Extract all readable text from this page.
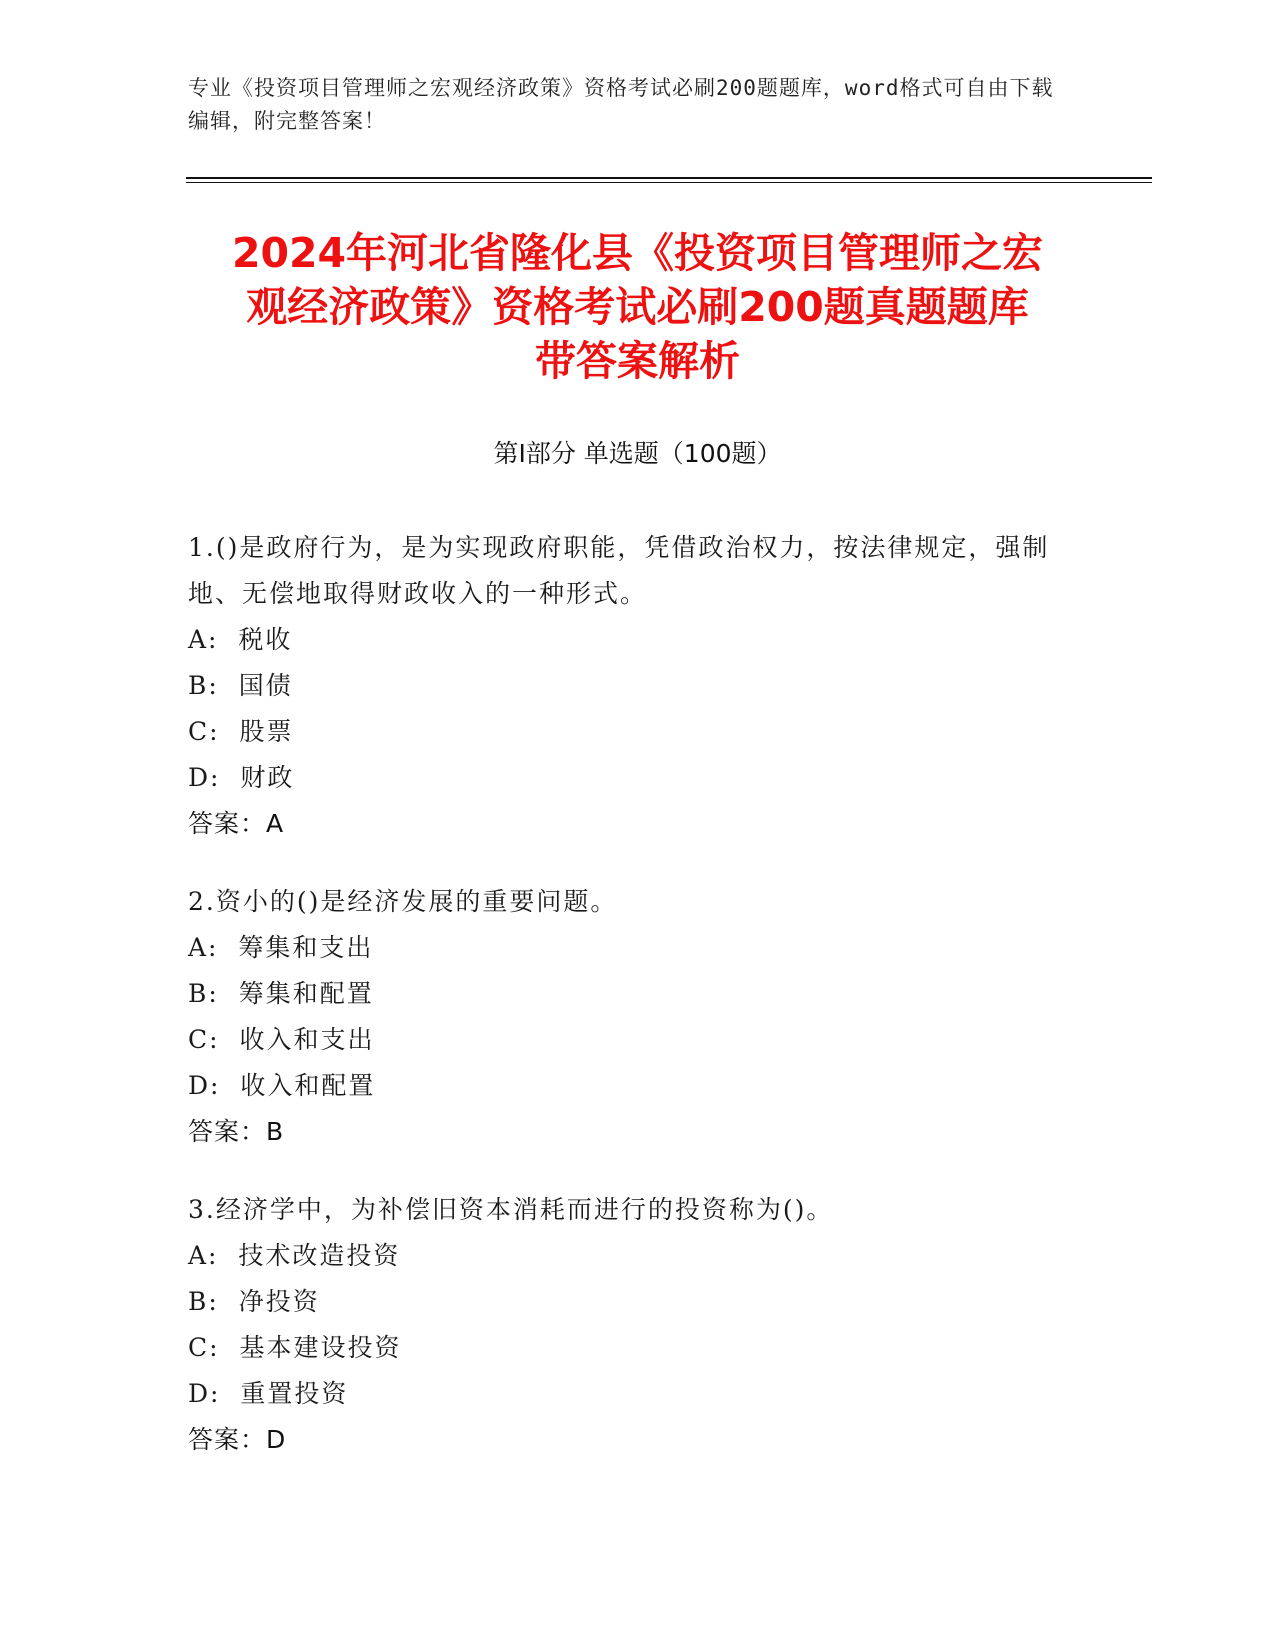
专业《投资项目管理师之宏观经济政策》资格考试必刷200题题库，word格式可自由下载编辑，附完整答案！
2024年河北省隆化县《投资项目管理师之宏
观经济政策》资格考试必刷200题真题题库
带答案解析
第Ⅰ部分 单选题（100题）
1.()是政府行为，是为实现政府职能，凭借政治权力，按法律规定，强制地、无偿地取得财政收入的一种形式。
A:  税收
B:  国债
C:  股票
D:  财政
答案：A
2.资小的()是经济发展的重要问题。
A:  筹集和支出
B:  筹集和配置
C:  收入和支出
D:  收入和配置
答案：B
3.经济学中，为补偿旧资本消耗而进行的投资称为()。
A:  技术改造投资
B:  净投资
C:  基本建设投资
D:  重置投资
答案：D
